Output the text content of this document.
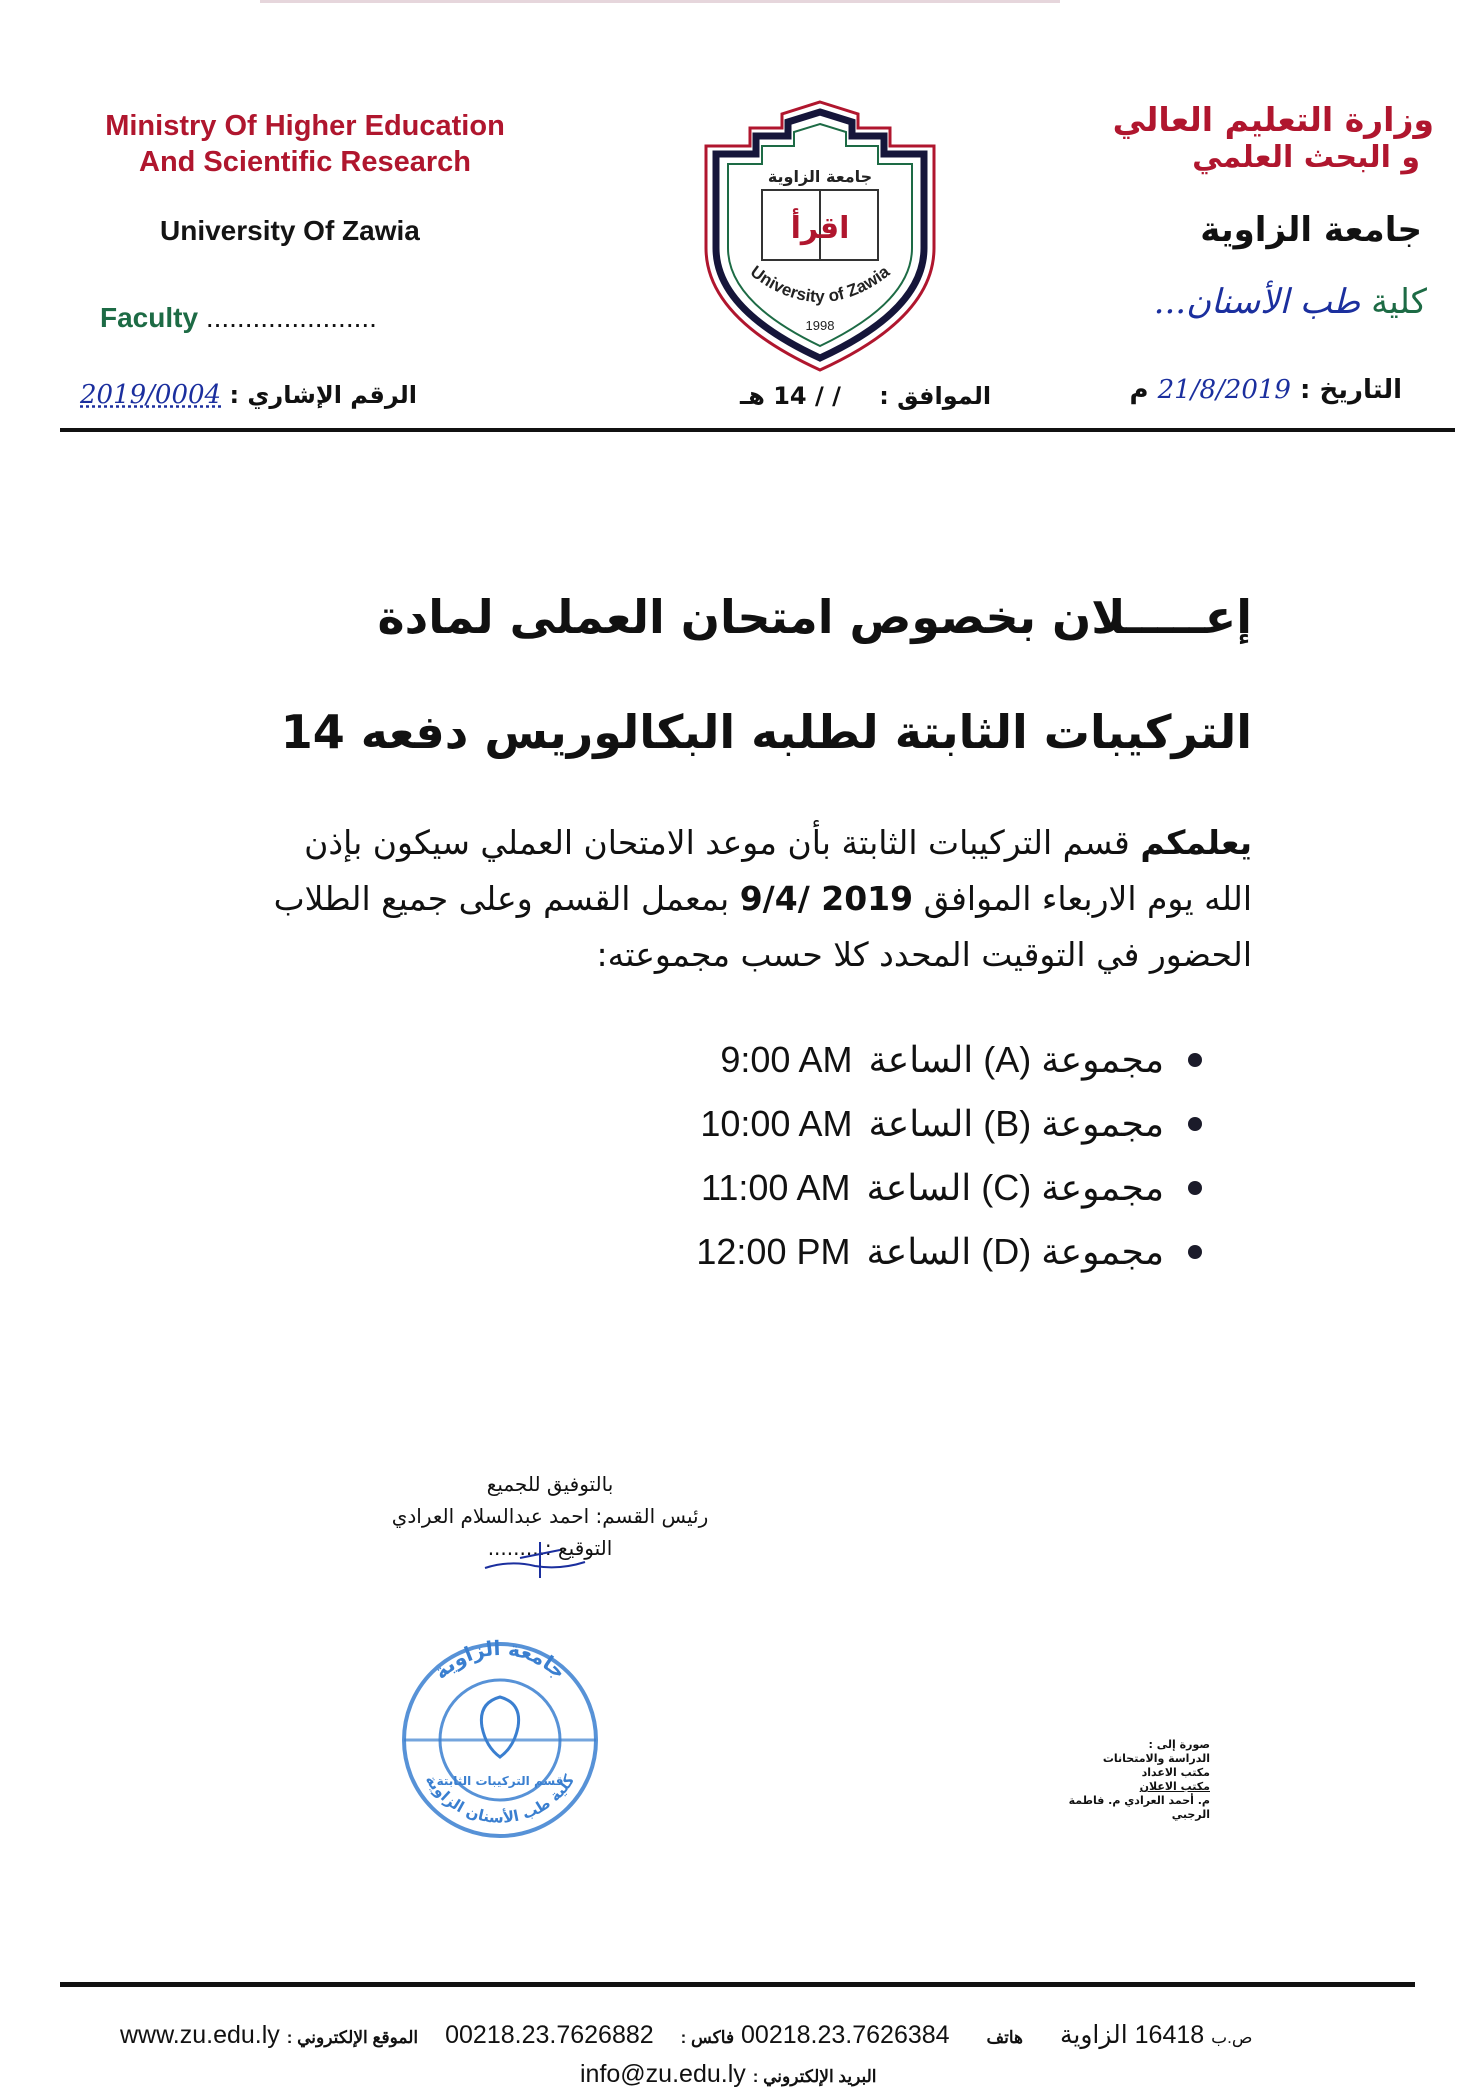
Ministry Of Higher Education
And Scientific Research
University Of Zawia
Faculty ......................
جامعة الزاوية
اقرأ
University of Zawia
1998
وزارة التعليم العالي
و البحث العلمي
جامعة الزاوية
كلية طب الأسنان...
الرقم الإشاري : 2019/0004	الموافق : / / 14 هـ	التاريخ : 21/8/2019 م
إعـــــلان بخصوص امتحان العملى لمادة
التركيبات الثابتة لطلبه البكالوريس دفعه 14
يعلمكم قسم التركيبات الثابتة بأن موعد الامتحان العملي سيكون بإذن الله يوم الاربعاء الموافق 2019 /9/4 بمعمل القسم وعلى جميع الطلاب الحضور في التوقيت المحدد كلا حسب مجموعته:
مجموعة (A) الساعة
9:00 AM
مجموعة (B) الساعة
10:00 AM
مجموعة (C) الساعة
11:00 AM
مجموعة (D) الساعة
12:00 PM
بالتوفيق للجميع
رئيس القسم: احمد عبدالسلام العرادي
التوقيع :.........
جامعة الزاوية
قسم التركيبات الثابتة
كلية طب الأسنان الزاوية
صورة إلى :
الدراسة والامتحانات
مكتب الاعداد
مكتب الاعلان
م. أحمد العرادي م. فاطمة الرجبي
www.zu.edu.ly الموقع الإلكتروني : 00218.23.7626882 فاكس : 00218.23.7626384 هاتف 16418 الزاوية ص.ب
info@zu.edu.ly البريد الإلكتروني :
